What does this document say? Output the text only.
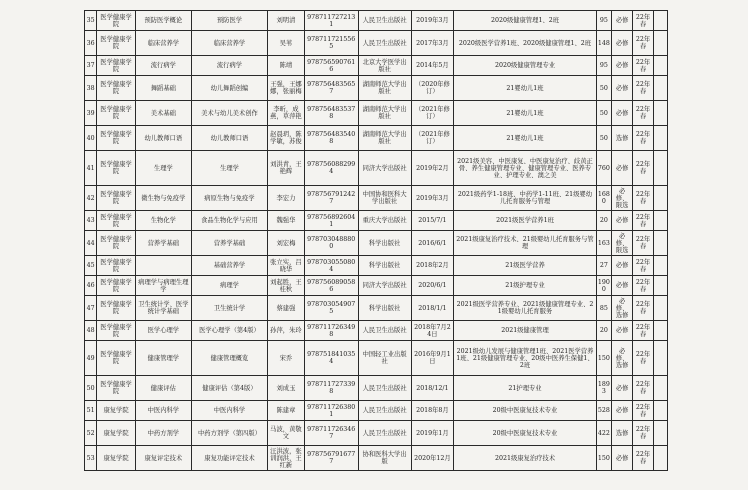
35	医学健康学院	预防医学概论	预防医学	刘明清	9787117272131	人民卫生出版社	2019年3月	2020级健康管理1、2班	95	必修	22年春	
36	医学健康学院	临床营养学	临床营养学	吴苇	9787117215565	人民卫生出版社	2017年3月	2020级医学营养1班、2020级健康管理1、2班	148	必修	22年春	
37	医学健康学院	流行病学	流行病学	陈靖	9787565907616	北京大学医学出版社	2014年5月	2020级健康管理专业	95	必修	22年春	
38	医学健康学院	舞蹈基础	幼儿舞蹈创编	王强，王娜娜，张丽梅	9787564835657	湖南师范大学出版社	（2020年修订）	21婴幼儿1班	50	必修	22年春	
39	医学健康学院	美术基础	美术与幼儿美术创作	李昕，成燕，草萍艳	9787564835378	湖南师范大学出版社	（2021年修订）	21婴幼儿1班	50	必修	22年春	
40	医学健康学院	幼儿教师口语	幼儿教师口语	赵晨玥，陈学敏，苏俊	9787564835408	湖南师范大学出版社	（2021年修订）	21婴幼儿1班	50	选修	22年春	
41	医学健康学院	生理学	生理学	刘洪青，王艳辉	9787560882994	同济大学出版社	2019年2月	2021级美容、中医康复、中医康复治疗、歧黄正骨、养生健康管理专业、健康管理专业、医养专业、护理专业、澳之美	760	必修	22年春	
42	医学健康学院	微生物与免疫学	病原生物与免疫学	李宏力	9787567912427	中国协和医科大学出版社	2019年3月	2021级药学1-18班、中药学1-11班、21级婴幼儿托育服务与管理	1680	必修、限选	22年春	
43	医学健康学院	生物化学	食品生物化学与应用	魏强华	9787568926041	重庆大学出版社	2015/7/1	2021级医学营养1班	20	必修	22年春	
44	医学健康学院	营养学基础	营养学基础	刘宏梅	9787030488800	科学出版社	2016/6/1	2021级康复治疗技术、21级婴幼儿托育服务与管理	163	必修、限选	22年春	
45	医学健康学院		基础营养学	张立实，吕晓华	9787030550804	科学出版社	2018年2月	21级医学营养	27	必修	22年春	
46	医学健康学院	病理学与病理生理学	病理学	刘起胜，王桂秋	9787560890586	同济大学出版社	2020/6/1	21级护理专业	1900	必修	22年春	
47	医学健康学院	卫生统计学、医学统计学基础	卫生统计学	蔡建强	9787030549075	科学出版社	2018/1/1	2021级医学营养专业、2021级健康管理专业、21级婴幼儿托育服务	85	必修、选修	22年春	
48	医学健康学院	医学心理学	医学心理学（第4版）	孙萍，朱玲	9787117263498	人民卫生出版社	2018年7月24日	2021级健康管理	20	必修	22年春	
49	医学健康学院	健康管理学	健康管理概览	宋乔	9787518410354	中国轻工业出版社	2016年9月1日	2021级幼儿发展与健康管理1班、2021医学营养1班、21级健康管理专业、20级中医养生保健1、2班	150	必修、选修	22年春	
50	医学健康学院	健康评估	健康评估（第4版）	刘成玉	9787117273398	人民卫生出版社	2018/12/1	21护理专业	1893	必修	22年春	
51	康复学院	中医内科学	中医内科学	陈建章	9787117263801	人民卫生出版社	2018年8月	20级中医康复技术专业	528	必修	22年春	
52	康复学院	中药方剂学	中药方剂学（第四版）	马波，黄敬文	9787117263467	人民卫生出版社	2019年1月	20级中医康复技术专业	422	选修	22年春	
53	康复学院	康复评定技术	康复功能评定技术	汪洪波，张训润洪，王红新	9787567916777	协和医科大学出版	2020年12月	2021级康复治疗技术	150	必修	22年春	
